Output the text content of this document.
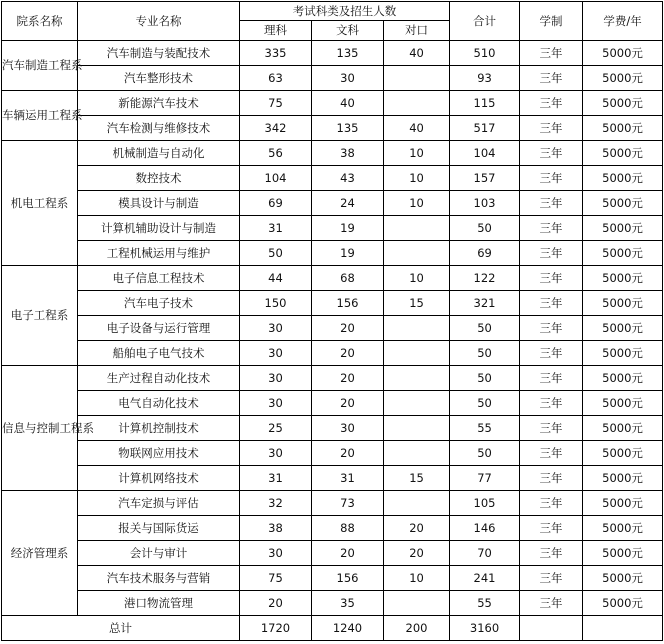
院系名称	专业名称	考试科类及招生人数			合计	学制	学费/年
		理科	文科	对口			
汽车制造工程系	汽车制造与装配技术	335	135	40	510	三年	5000元
	汽车整形技术	63	30		93	三年	5000元
车辆运用工程系	新能源汽车技术	75	40		115	三年	5000元
	汽车检测与维修技术	342	135	40	517	三年	5000元
机电工程系	机械制造与自动化	56	38	10	104	三年	5000元
	数控技术	104	43	10	157	三年	5000元
	模具设计与制造	69	24	10	103	三年	5000元
	计算机辅助设计与制造	31	19		50	三年	5000元
	工程机械运用与维护	50	19		69	三年	5000元
电子工程系	电子信息工程技术	44	68	10	122	三年	5000元
	汽车电子技术	150	156	15	321	三年	5000元
	电子设备与运行管理	30	20		50	三年	5000元
	船舶电子电气技术	30	20		50	三年	5000元
信息与控制工程系	生产过程自动化技术	30	20		50	三年	5000元
	电气自动化技术	30	20		50	三年	5000元
	计算机控制技术	25	30		55	三年	5000元
	物联网应用技术	30	20		50	三年	5000元
	计算机网络技术	31	31	15	77	三年	5000元
经济管理系	汽车定损与评估	32	73		105	三年	5000元
	报关与国际货运	38	88	20	146	三年	5000元
	会计与审计	30	20	20	70	三年	5000元
	汽车技术服务与营销	75	156	10	241	三年	5000元
	港口物流管理	20	35		55	三年	5000元
总计		1720	1240	200	3160		
